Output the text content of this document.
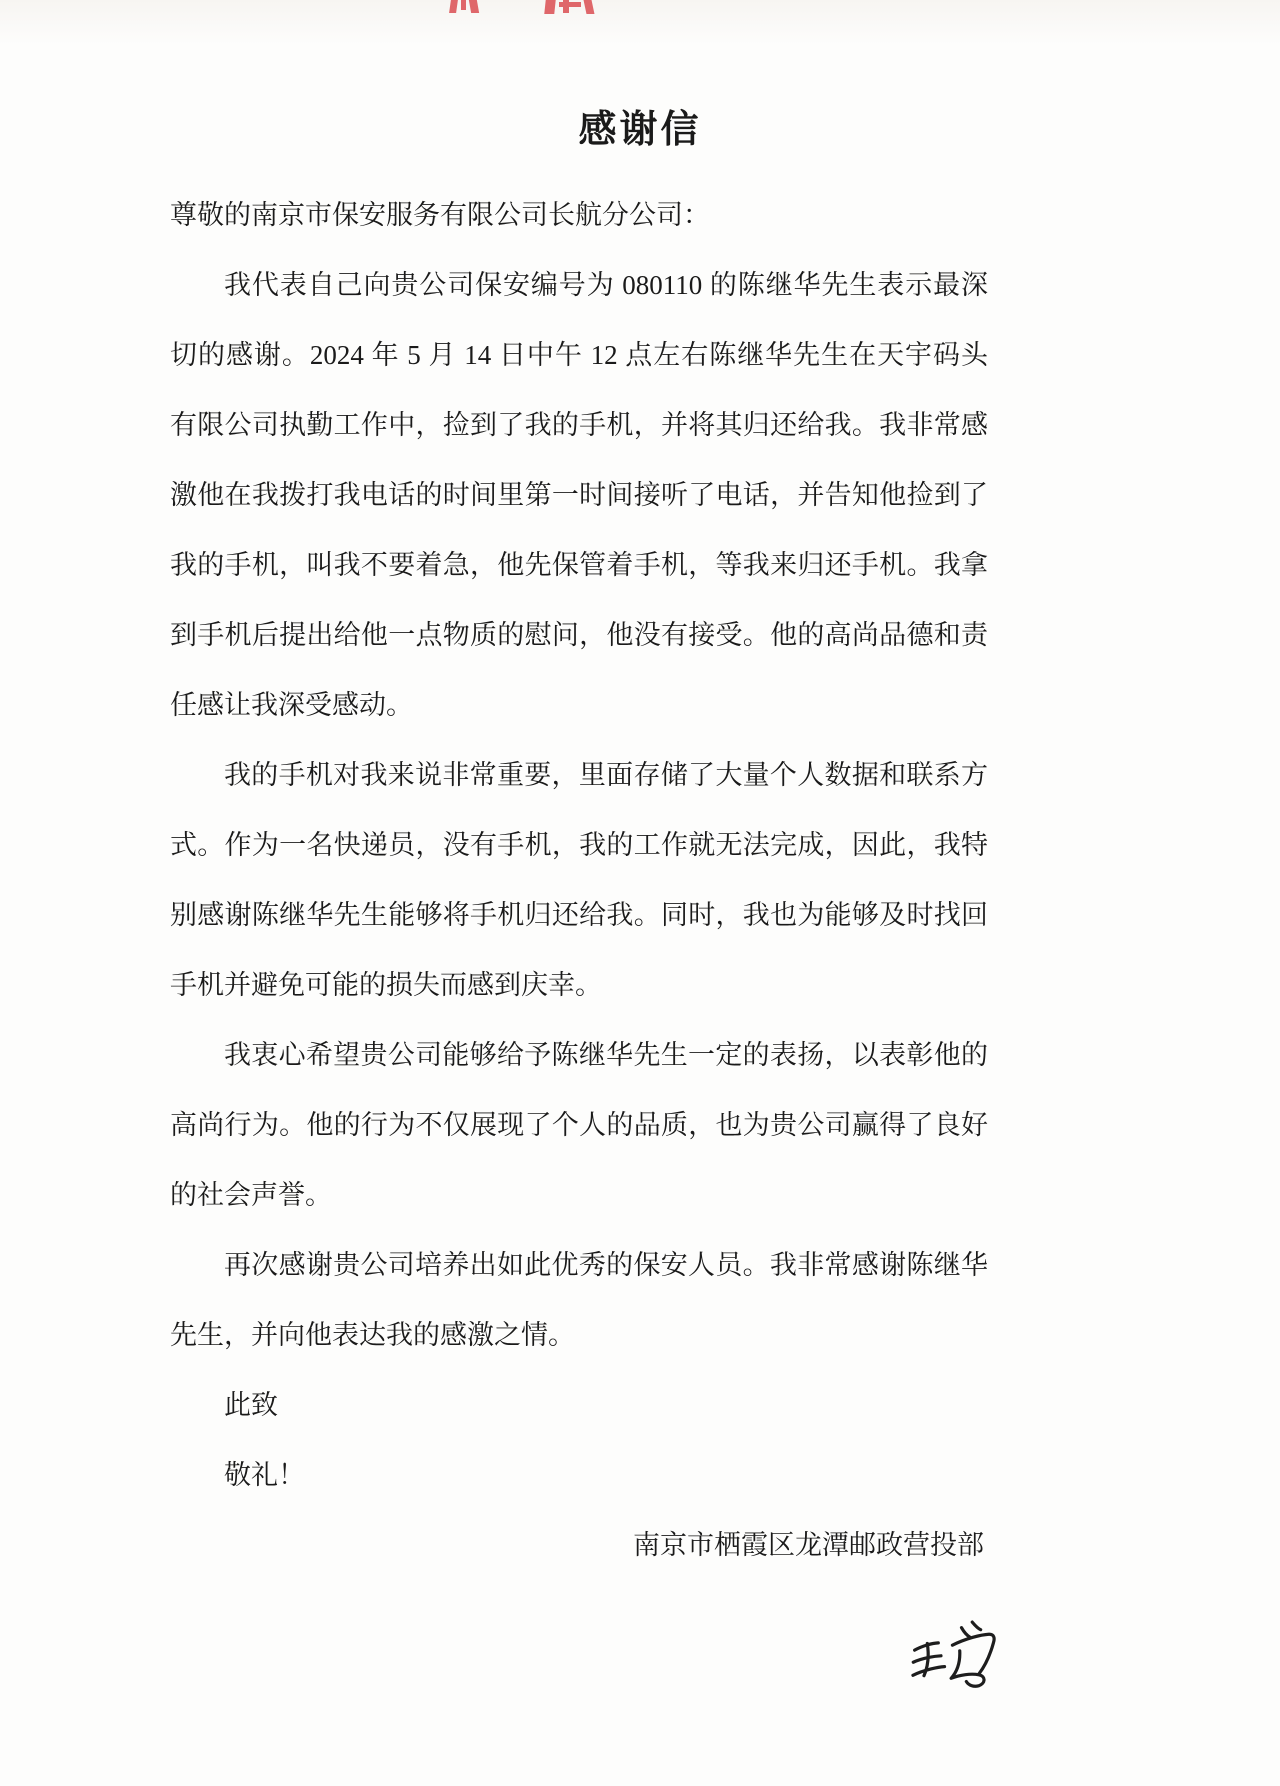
感谢信
尊敬的南京市保安服务有限公司长航分公司：
我代表自己向贵公司保安编号为 080110 的陈继华先生表示最深
切的感谢。2024 年 5 月 14 日中午 12 点左右陈继华先生在天宇码头
有限公司执勤工作中，捡到了我的手机，并将其归还给我。我非常感
激他在我拨打我电话的时间里第一时间接听了电话，并告知他捡到了
我的手机，叫我不要着急，他先保管着手机，等我来归还手机。我拿
到手机后提出给他一点物质的慰问，他没有接受。他的高尚品德和责
任感让我深受感动。
我的手机对我来说非常重要，里面存储了大量个人数据和联系方
式。作为一名快递员，没有手机，我的工作就无法完成，因此，我特
别感谢陈继华先生能够将手机归还给我。同时，我也为能够及时找回
手机并避免可能的损失而感到庆幸。
我衷心希望贵公司能够给予陈继华先生一定的表扬，以表彰他的
高尚行为。他的行为不仅展现了个人的品质，也为贵公司赢得了良好
的社会声誉。
再次感谢贵公司培养出如此优秀的保安人员。我非常感谢陈继华
先生，并向他表达我的感激之情。
此致
敬礼！
南京市栖霞区龙潭邮政营投部
